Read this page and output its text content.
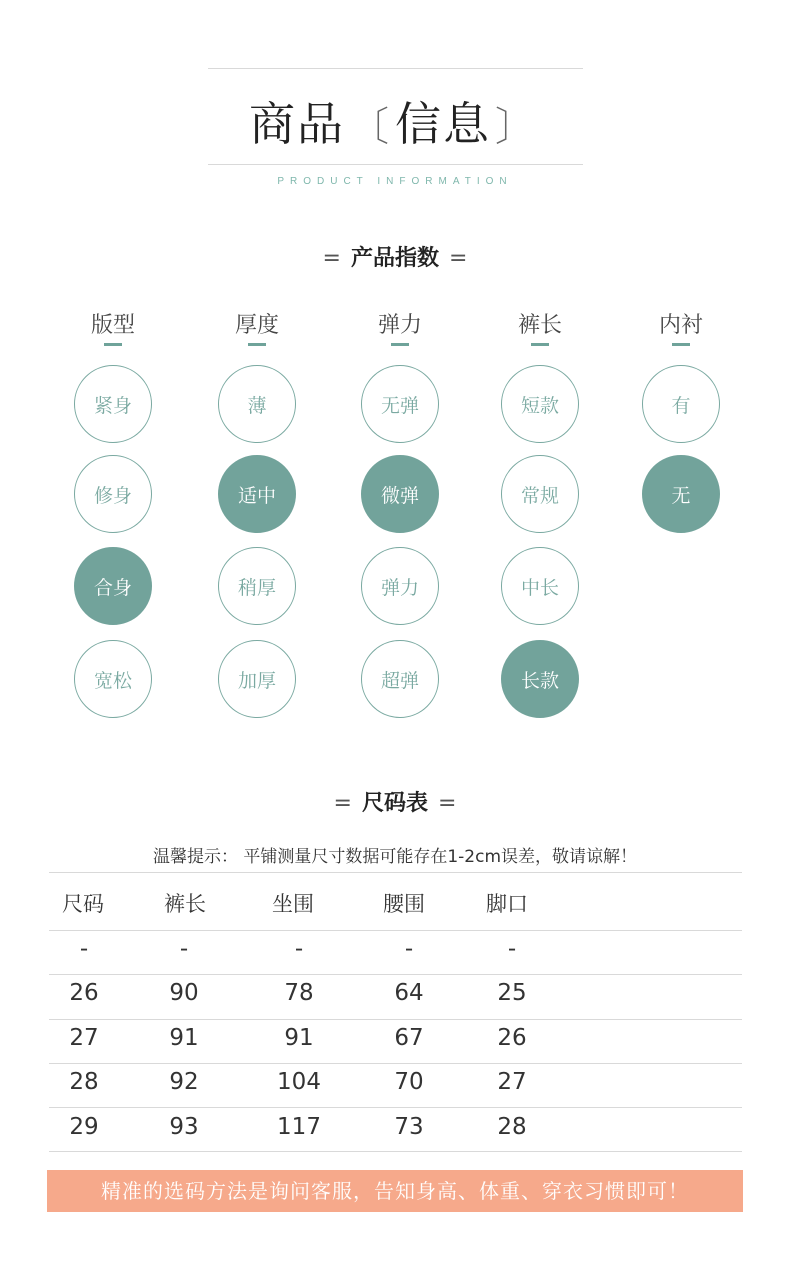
商品 〔信息 〕
PRODUCT INFORMATION
= 产品指数 =
版型
紧身
修身
合身
宽松
厚度
薄
适中
稍厚
加厚
弹力
无弹
微弹
弹力
超弹
裤长
短款
常规
中长
长款
内衬
有
无
= 尺码表 =
温馨提示： 平铺测量尺寸数据可能存在1-2cm误差，敬请谅解！
尺码	裤长	坐围	腰围	脚口
-	-	-	-	-
26	90	78	64	25
27	91	91	67	26
28	92	104	70	27
29	93	117	73	28
精准的选码方法是询问客服，告知身高、体重、穿衣习惯即可！
